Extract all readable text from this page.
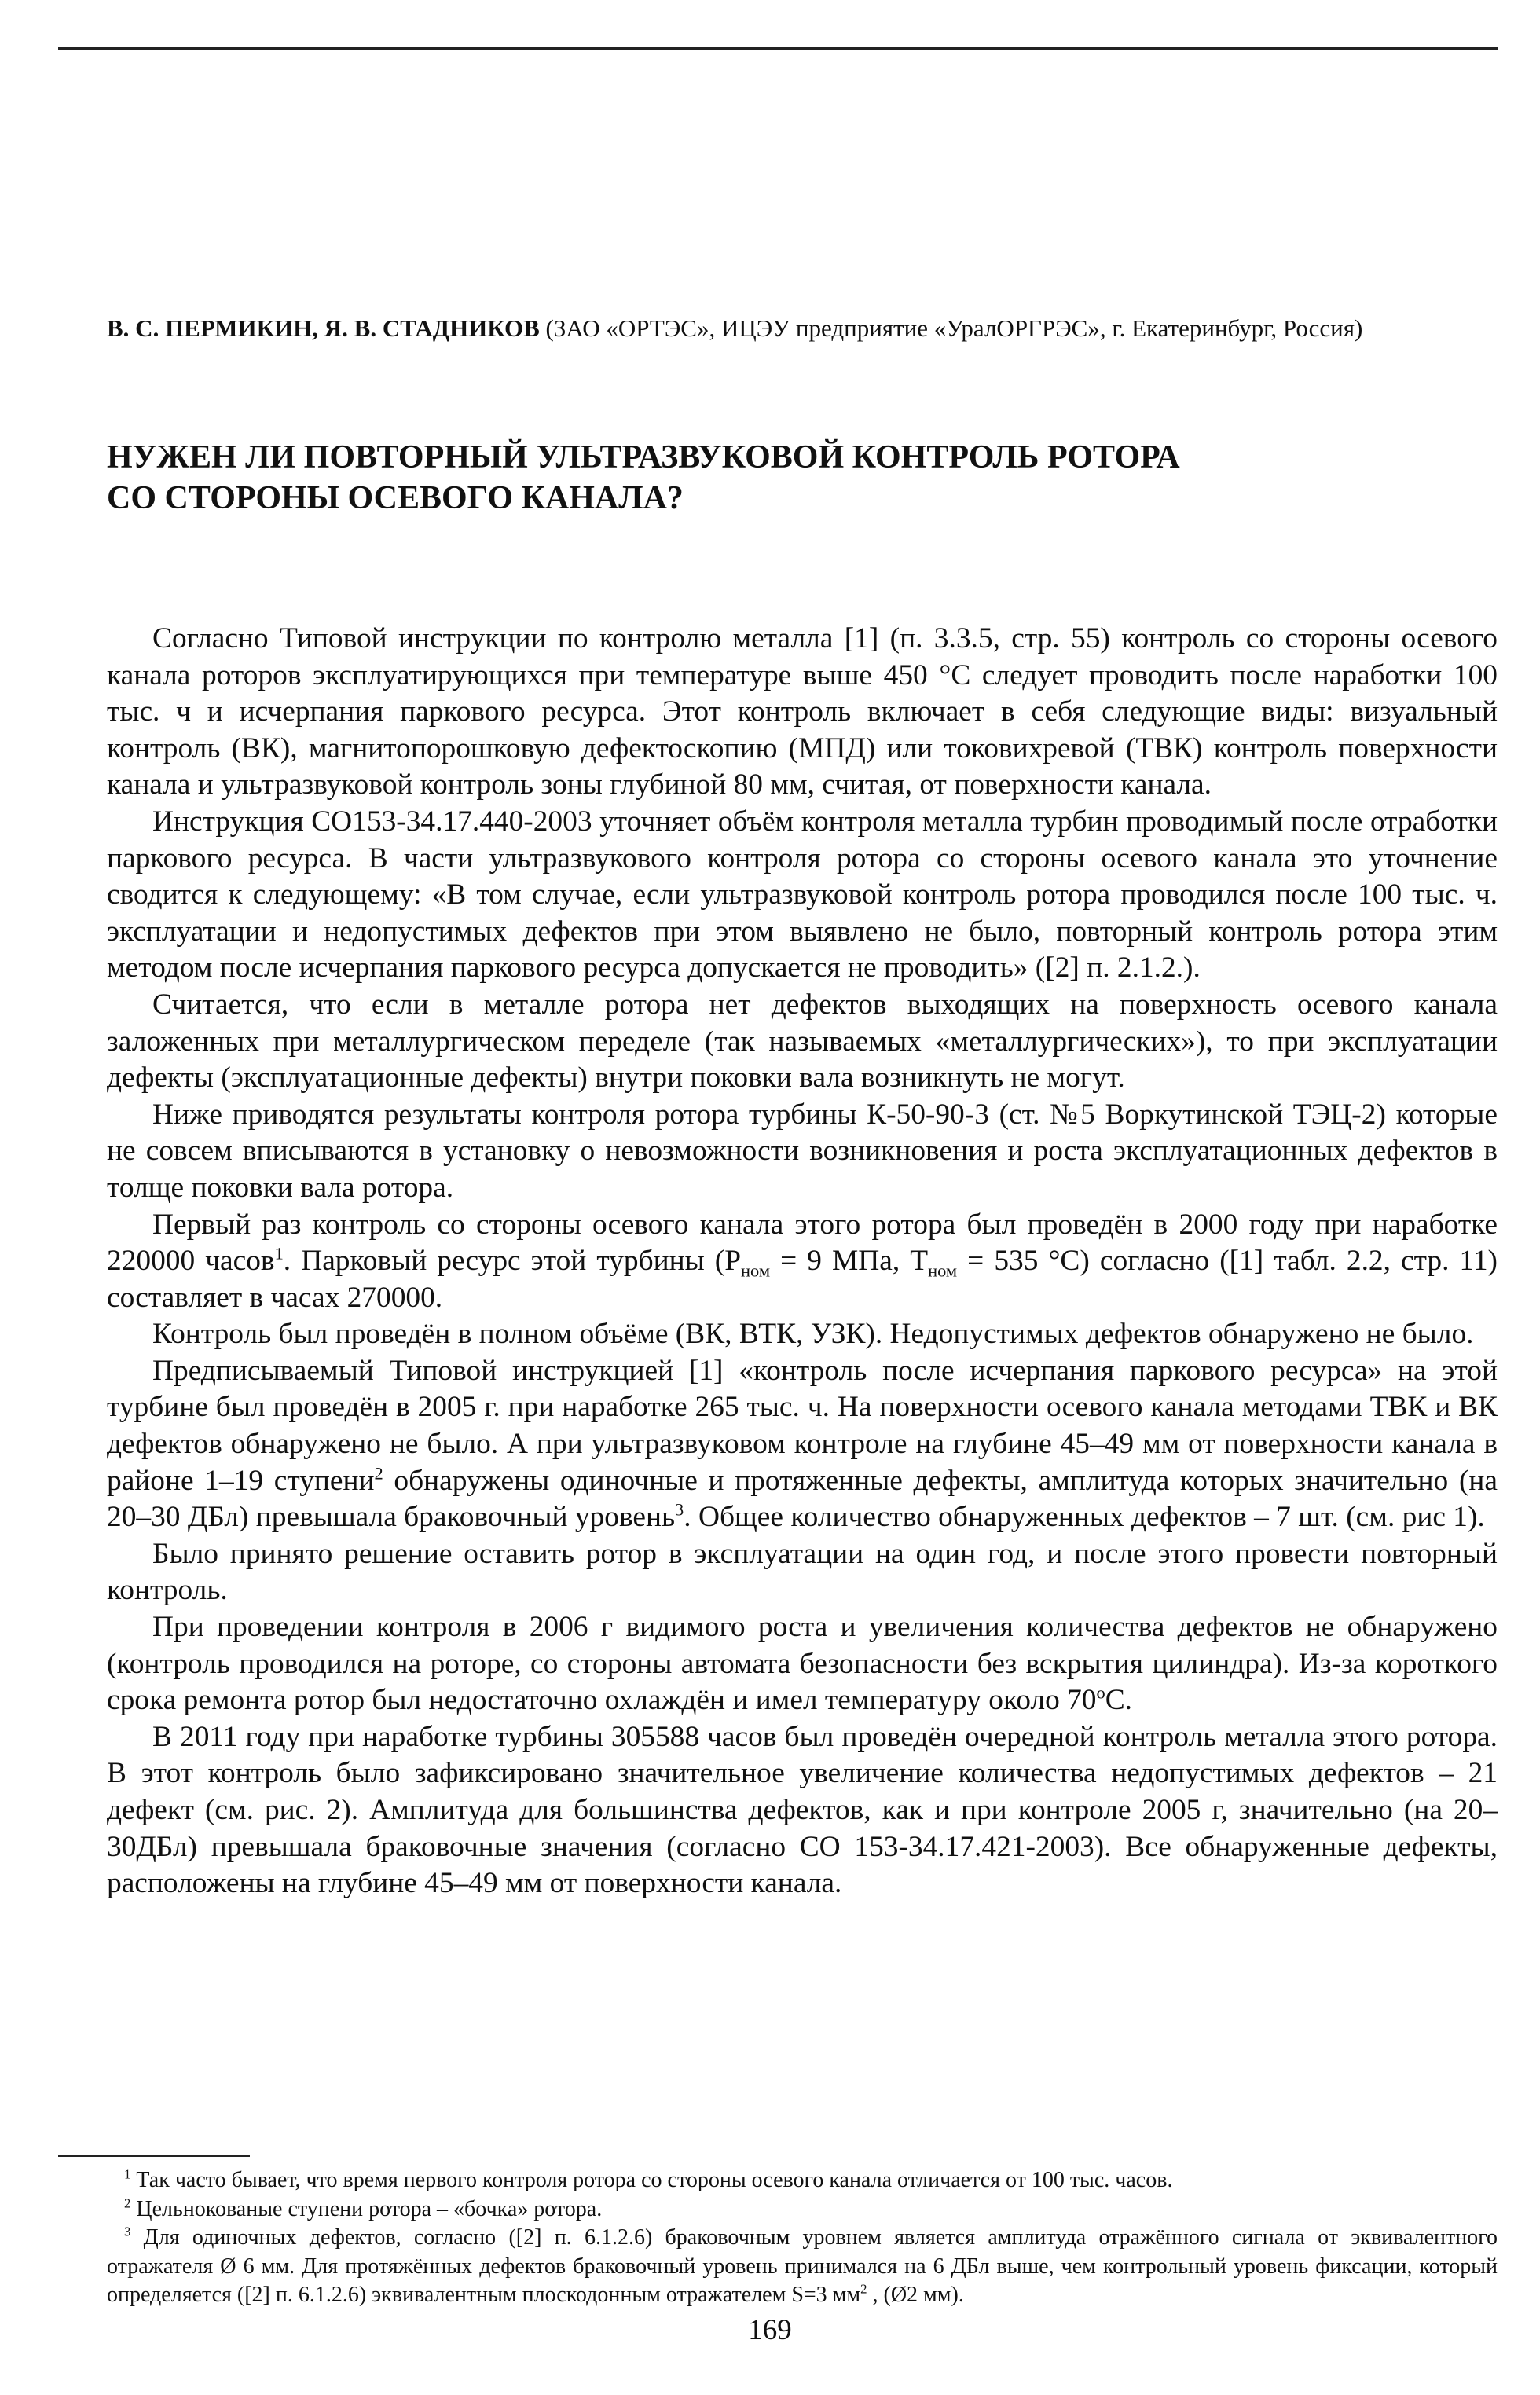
В. С. ПЕРМИКИН, Я. В. СТАДНИКОВ (ЗАО «ОРТЭС», ИЦЭУ предприятие «УралОРГРЭС», г. Екатеринбург, Россия)
НУЖЕН ЛИ ПОВТОРНЫЙ УЛЬТРАЗВУКОВОЙ КОНТРОЛЬ РОТОРА
СО СТОРОНЫ ОСЕВОГО КАНАЛА?

Согласно Типовой инструкции по контролю металла [1] (п. 3.3.5, стр. 55) контроль со стороны осевого канала роторов эксплуатирующихся при температуре выше 450 °С следует проводить после наработки 100 тыс. ч и исчерпания паркового ресурса. Этот контроль включает в себя следующие виды: визуальный контроль (ВК), магнитопорошковую дефектоскопию (МПД) или токовихревой (ТВК) контроль поверхности канала и ультразвуковой контроль зоны глубиной 80 мм, считая, от поверхности канала.

Инструкция СО153-34.17.440-2003 уточняет объём контроля металла турбин проводимый после отработки паркового ресурса. В части ультразвукового контроля ротора со стороны осевого канала это уточнение сводится к следующему: «В том случае, если ультразвуковой контроль ротора проводился после 100 тыс. ч. эксплуатации и недопустимых дефектов при этом выявлено не было, повторный контроль ротора этим методом после исчерпания паркового ресурса допускается не проводить» ([2] п. 2.1.2.).

Считается, что если в металле ротора нет дефектов выходящих на поверхность осевого канала заложенных при металлургическом переделе (так называемых «металлургических»), то при эксплуатации дефекты (эксплуатационные дефекты) внутри поковки вала возникнуть не могут.

Ниже приводятся результаты контроля ротора турбины К-50-90-3 (ст. №5 Воркутинской ТЭЦ-2) которые не совсем вписываются в установку о невозможности возникновения и роста эксплуатационных дефектов в толще поковки вала ротора.

Первый раз контроль со стороны осевого канала этого ротора был проведён в 2000 году при наработке 220000 часов$^1$. Парковый ресурс этой турбины ($Р_{ном} = 9$ МПа, $Т_{ном} = 535$ °С) согласно ([1] табл. 2.2, стр. 11) составляет в часах 270000.

Контроль был проведён в полном объёме (ВК, ВТК, УЗК). Недопустимых дефектов обнаружено не было.

Предписываемый Типовой инструкцией [1] «контроль после исчерпания паркового ресурса» на этой турбине был проведён в 2005 г. при наработке 265 тыс. ч. На поверхности осевого канала методами ТВК и ВК дефектов обнаружено не было. А при ультразвуковом контроле на глубине 45–49 мм от поверхности канала в районе 1–19 ступени$^2$ обнаружены одиночные и протяженные дефекты, амплитуда которых значительно (на 20–30 ДБл) превышала браковочный уровень$^3$. Общее количество обнаруженных дефектов – 7 шт. (см. рис 1).

Было принято решение оставить ротор в эксплуатации на один год, и после этого провести повторный контроль.

При проведении контроля в 2006 г видимого роста и увеличения количества дефектов не обнаружено (контроль проводился на роторе, со стороны автомата безопасности без вскрытия цилиндра). Из-за короткого срока ремонта ротор был недостаточно охлаждён и имел температуру около $70^оС$.

В 2011 году при наработке турбины 305588 часов был проведён очередной контроль металла этого ротора. В этот контроль было зафиксировано значительное увеличение количества недопустимых дефектов – 21 дефект (см. рис. 2). Амплитуда для большинства дефектов, как и при контроле 2005 г, значительно (на 20–30ДБл) превышала браковочные значения (согласно СО 153-34.17.421-2003). Все обнаруженные дефекты, расположены на глубине 45–49 мм от поверхности канала.

$^1$ Так часто бывает, что время первого контроля ротора со стороны осевого канала отличается от 100 тыс. часов.

$^2$ Цельнокованые ступени ротора – «бочка» ротора.

$^3$ Для одиночных дефектов, согласно ([2] п. 6.1.2.6) браковочным уровнем является амплитуда отражённого сигнала от эквивалентного отражателя Ø 6 мм. Для протяжённых дефектов браковочный уровень принимался на 6 ДБл выше, чем контрольный уровень фиксации, который определяется ([2] п. 6.1.2.6) эквивалентным плоскодонным отражателем S=3 $мм^2$ , (Ø2 мм).

169
